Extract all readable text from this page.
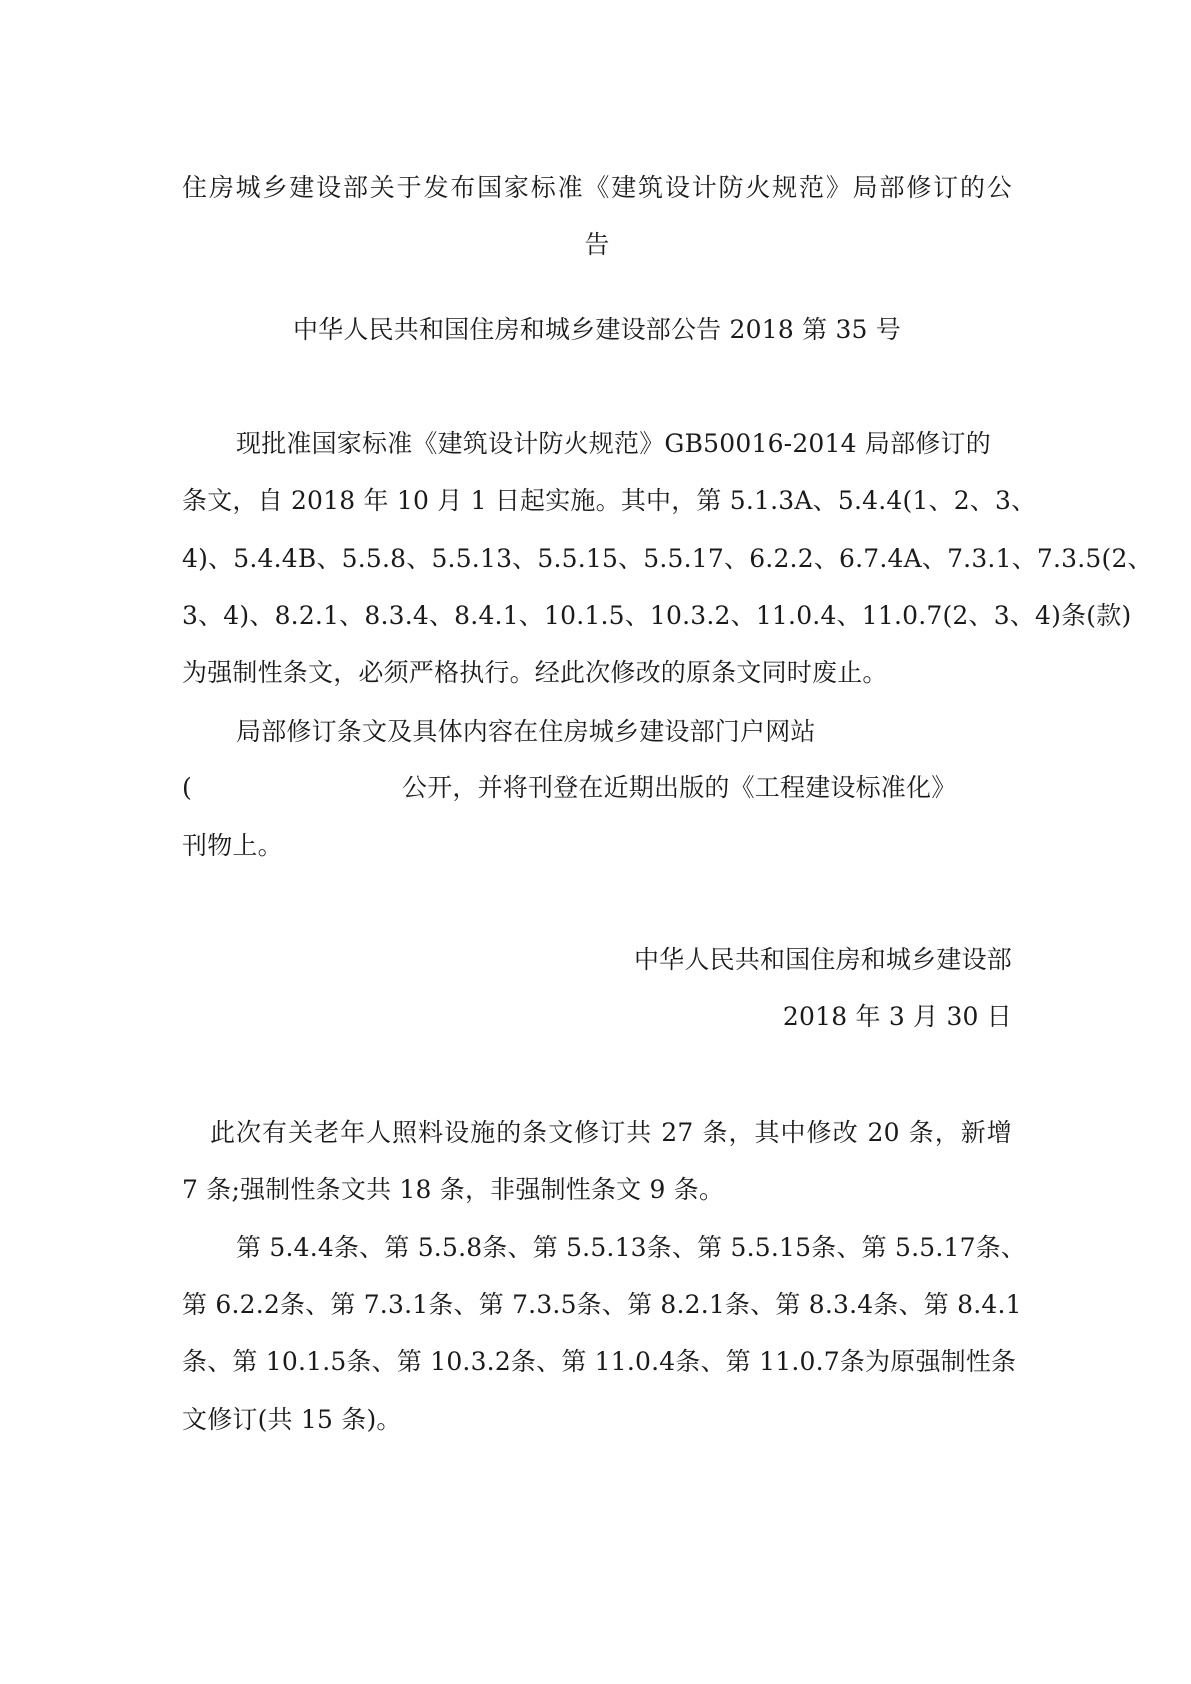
住房城乡建设部关于发布国家标准《建筑设计防火规范》局部修订的公
告
中华人民共和国住房和城乡建设部公告 2018 第 35 号
现批准国家标准《建筑设计防火规范》GB50016-2014 局部修订的
条文，自 2018 年 10 月 1 日起实施。其中，第 5.1.3A、5.4.4(1、2、3、
4)、5.4.4B、5.5.8、5.5.13、5.5.15、5.5.17、6.2.2、6.7.4A、7.3.1、7.3.5(2、
3、4)、8.2.1、8.3.4、8.4.1、10.1.5、10.3.2、11.0.4、11.0.7(2、3、4)条(款)
为强制性条文，必须严格执行。经此次修改的原条文同时废止。
局部修订条文及具体内容在住房城乡建设部门户网站
(	公开，并将刊登在近期出版的《工程建设标准化》
刊物上。
中华人民共和国住房和城乡建设部
2018 年 3 月 30 日
此次有关老年人照料设施的条文修订共 27 条，其中修改 20 条，新增
7 条;强制性条文共 18 条，非强制性条文 9 条。
第 5.4.4条、第 5.5.8条、第 5.5.13条、第 5.5.15条、第 5.5.17条、
第 6.2.2条、第 7.3.1条、第 7.3.5条、第 8.2.1条、第 8.3.4条、第 8.4.1
条、第 10.1.5条、第 10.3.2条、第 11.0.4条、第 11.0.7条为原强制性条
文修订(共 15 条)。
